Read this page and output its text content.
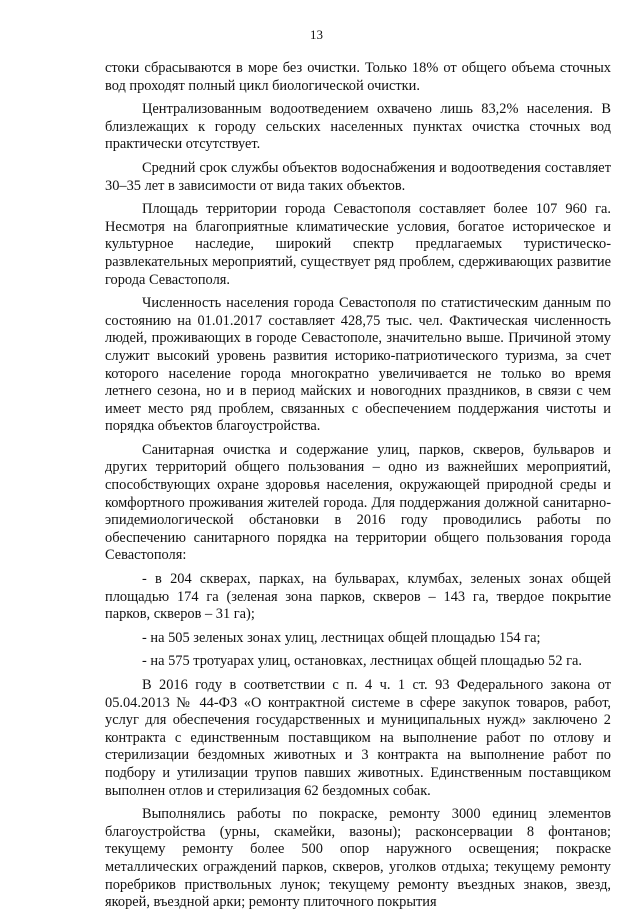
13

стоки сбрасываются в море без очистки. Только 18% от общего объема сточных вод проходят полный цикл биологической очистки.

Централизованным водоотведением охвачено лишь 83,2% населения. В близлежащих к городу сельских населенных пунктах очистка сточных вод практически отсутствует.

Средний срок службы объектов водоснабжения и водоотведения составляет 30–35 лет в зависимости от вида таких объектов.

Площадь территории города Севастополя составляет более 107 960 га. Несмотря на благоприятные климатические условия, богатое историческое и культурное наследие, широкий спектр предлагаемых туристическо-развлекательных мероприятий, существует ряд проблем, сдерживающих развитие города Севастополя.

Численность населения города Севастополя по статистическим данным по состоянию на 01.01.2017 составляет 428,75 тыс. чел. Фактическая численность людей, проживающих в городе Севастополе, значительно выше. Причиной этому служит высокий уровень развития историко-патриотического туризма, за счет которого население города многократно увеличивается не только во время летнего сезона, но и в период майских и новогодних праздников, в связи с чем имеет место ряд проблем, связанных с обеспечением поддержания чистоты и порядка объектов благоустройства.

Санитарная очистка и содержание улиц, парков, скверов, бульваров и других территорий общего пользования – одно из важнейших мероприятий, способствующих охране здоровья населения, окружающей природной среды и комфортного проживания жителей города. Для поддержания должной санитарно-эпидемиологической обстановки в 2016 году проводились работы по обеспечению санитарного порядка на территории общего пользования города Севастополя:

- в 204 скверах, парках, на бульварах, клумбах, зеленых зонах общей площадью 174 га (зеленая зона парков, скверов – 143 га, твердое покрытие парков, скверов – 31 га);

- на 505 зеленых зонах улиц, лестницах общей площадью 154 га;

- на 575 тротуарах улиц, остановках, лестницах общей площадью 52 га.

В 2016 году в соответствии с п. 4 ч. 1 ст. 93 Федерального закона от 05.04.2013 № 44-ФЗ «О контрактной системе в сфере закупок товаров, работ, услуг для обеспечения государственных и муниципальных нужд» заключено 2 контракта с единственным поставщиком на выполнение работ по отлову и стерилизации бездомных животных и 3 контракта на выполнение работ по подбору и утилизации трупов павших животных. Единственным поставщиком выполнен отлов и стерилизация 62 бездомных собак.

Выполнялись работы по покраске, ремонту 3000 единиц элементов благоустройства (урны, скамейки, вазоны); расконсервации 8 фонтанов; текущему ремонту более 500 опор наружного освещения; покраске металлических ограждений парков, скверов, уголков отдыха; текущему ремонту поребриков приствольных лунок; текущему ремонту въездных знаков, звезд, якорей, въездной арки; ремонту плиточного покрытия
